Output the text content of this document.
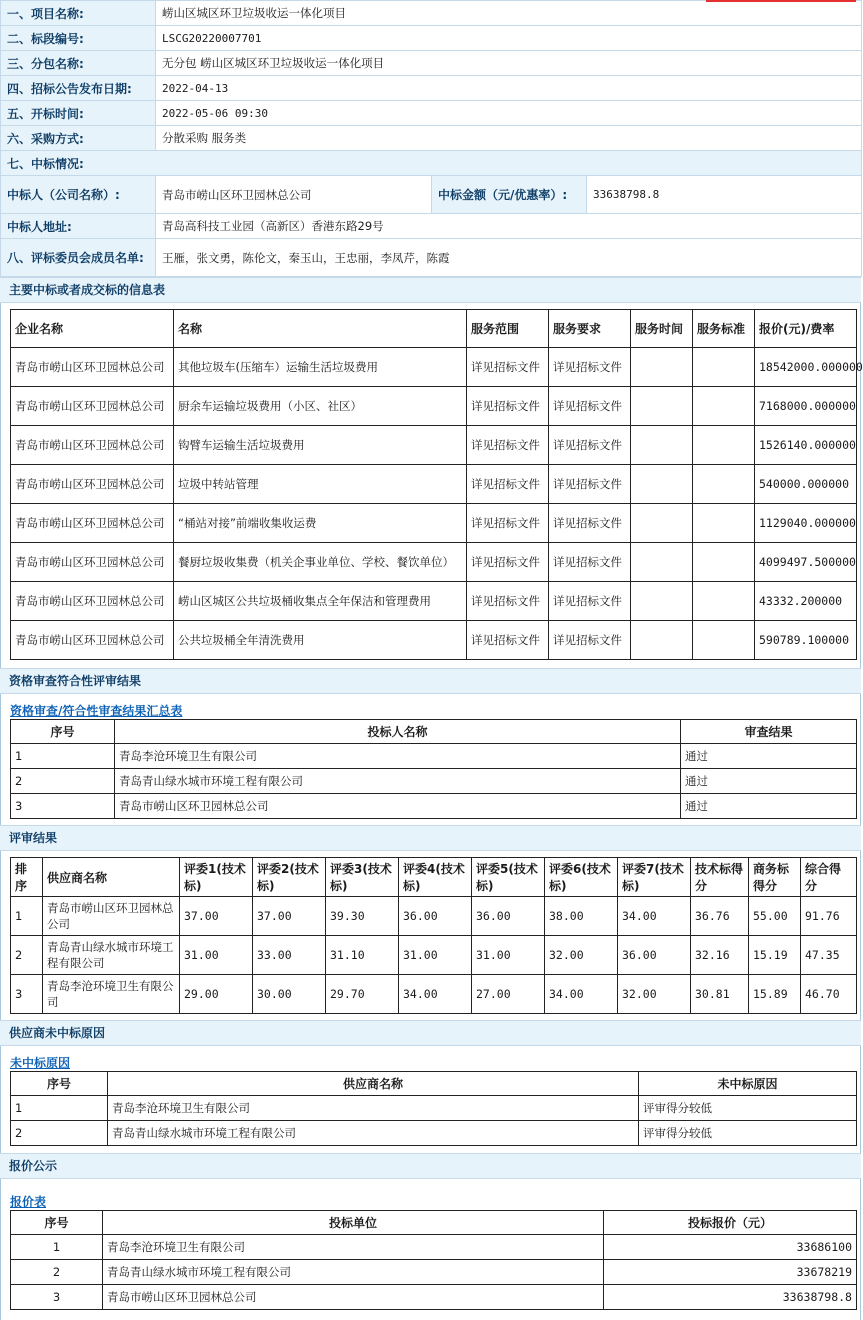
一、项目名称:	崂山区城区环卫垃圾收运一体化项目		
二、标段编号:	LSCG20220007701		
三、分包名称:	无分包 崂山区城区环卫垃圾收运一体化项目		
四、招标公告发布日期:	2022-04-13		
五、开标时间:	2022-05-06 09:30		
六、采购方式:	分散采购 服务类		
七、中标情况:			
中标人（公司名称）:	青岛市崂山区环卫园林总公司	中标金额（元/优惠率）:	33638798.8
中标人地址:	青岛高科技工业园（高新区）香港东路29号		
八、评标委员会成员名单:	王雁，张文勇，陈伦文，秦玉山，王忠丽，李凤芹，陈霞		
主要中标或者成交标的信息表
企业名称	名称	服务范围	服务要求	服务时间	服务标准	报价(元)/费率
青岛市崂山区环卫园林总公司	其他垃圾车(压缩车）运输生活垃圾费用	详见招标文件	详见招标文件			18542000.000000
青岛市崂山区环卫园林总公司	厨余车运输垃圾费用（小区、社区）	详见招标文件	详见招标文件			7168000.000000
青岛市崂山区环卫园林总公司	钩臂车运输生活垃圾费用	详见招标文件	详见招标文件			1526140.000000
青岛市崂山区环卫园林总公司	垃圾中转站管理	详见招标文件	详见招标文件			540000.000000
青岛市崂山区环卫园林总公司	“桶站对接”前端收集收运费	详见招标文件	详见招标文件			1129040.000000
青岛市崂山区环卫园林总公司	餐厨垃圾收集费（机关企事业单位、学校、餐饮单位）	详见招标文件	详见招标文件			4099497.500000
青岛市崂山区环卫园林总公司	崂山区城区公共垃圾桶收集点全年保洁和管理费用	详见招标文件	详见招标文件			43332.200000
青岛市崂山区环卫园林总公司	公共垃圾桶全年清洗费用	详见招标文件	详见招标文件			590789.100000
资格审查符合性评审结果
资格审查/符合性审查结果汇总表
序号	投标人名称	审查结果
1	青岛李沧环境卫生有限公司	通过
2	青岛青山绿水城市环境工程有限公司	通过
3	青岛市崂山区环卫园林总公司	通过
评审结果
排序	供应商名称	评委1(技术标)	评委2(技术标)	评委3(技术标)	评委4(技术标)	评委5(技术标)	评委6(技术标)	评委7(技术标)	技术标得分	商务标得分	综合得分
1	青岛市崂山区环卫园林总公司	37.00	37.00	39.30	36.00	36.00	38.00	34.00	36.76	55.00	91.76
2	青岛青山绿水城市环境工程有限公司	31.00	33.00	31.10	31.00	31.00	32.00	36.00	32.16	15.19	47.35
3	青岛李沧环境卫生有限公司	29.00	30.00	29.70	34.00	27.00	34.00	32.00	30.81	15.89	46.70
供应商未中标原因
未中标原因
序号	供应商名称	未中标原因
1	青岛李沧环境卫生有限公司	评审得分较低
2	青岛青山绿水城市环境工程有限公司	评审得分较低
报价公示
报价表
序号	投标单位	投标报价（元）
1	青岛李沧环境卫生有限公司	33686100
2	青岛青山绿水城市环境工程有限公司	33678219
3	青岛市崂山区环卫园林总公司	33638798.8
